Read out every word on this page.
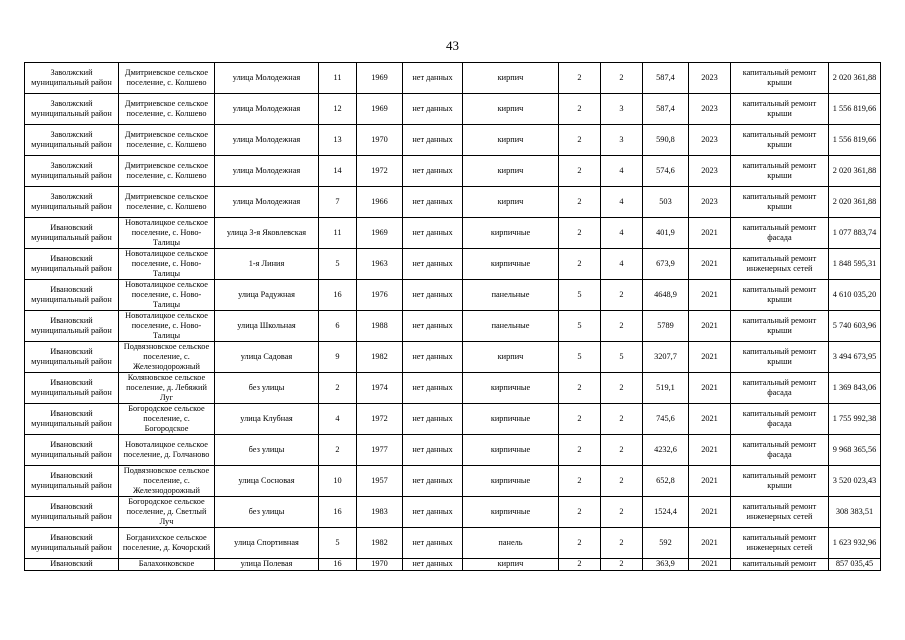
43
Заволжский муниципальный район	Дмитриевское сельское поселение, с. Колшево	улица Молодежная	11	1969	нет данных	кирпич	2	2	587,4	2023	капитальный ремонт крыши	2 020 361,88
Заволжский муниципальный район	Дмитриевское сельское поселение, с. Колшево	улица Молодежная	12	1969	нет данных	кирпич	2	3	587,4	2023	капитальный ремонт крыши	1 556 819,66
Заволжский муниципальный район	Дмитриевское сельское поселение, с. Колшево	улица Молодежная	13	1970	нет данных	кирпич	2	3	590,8	2023	капитальный ремонт крыши	1 556 819,66
Заволжский муниципальный район	Дмитриевское сельское поселение, с. Колшево	улица Молодежная	14	1972	нет данных	кирпич	2	4	574,6	2023	капитальный ремонт крыши	2 020 361,88
Заволжский муниципальный район	Дмитриевское сельское поселение, с. Колшево	улица Молодежная	7	1966	нет данных	кирпич	2	4	503	2023	капитальный ремонт крыши	2 020 361,88
Ивановский муниципальный район	Новоталицкое сельское поселение, с. Ново-Талицы	улица 3-я Яковлевская	11	1969	нет данных	кирпичные	2	4	401,9	2021	капитальный ремонт фасада	1 077 883,74
Ивановский муниципальный район	Новоталицкое сельское поселение, с. Ново-Талицы	1-я Линия	5	1963	нет данных	кирпичные	2	4	673,9	2021	капитальный ремонт инженерных сетей	1 848 595,31
Ивановский муниципальный район	Новоталицкое сельское поселение, с. Ново-Талицы	улица Радужная	16	1976	нет данных	панельные	5	2	4648,9	2021	капитальный ремонт крыши	4 610 035,20
Ивановский муниципальный район	Новоталицкое сельское поселение, с. Ново-Талицы	улица Школьная	6	1988	нет данных	панельные	5	2	5789	2021	капитальный ремонт крыши	5 740 603,96
Ивановский муниципальный район	Подвязновское сельское поселение, с. Железнодорожный	улица Садовая	9	1982	нет данных	кирпич	5	5	3207,7	2021	капитальный ремонт крыши	3 494 673,95
Ивановский муниципальный район	Коляновское сельское поселение, д. Лебяжий Луг	без улицы	2	1974	нет данных	кирпичные	2	2	519,1	2021	капитальный ремонт фасада	1 369 843,06
Ивановский муниципальный район	Богородское сельское поселение, с. Богородское	улица Клубная	4	1972	нет данных	кирпичные	2	2	745,6	2021	капитальный ремонт фасада	1 755 992,38
Ивановский муниципальный район	Новоталицкое сельское поселение, д. Голчаново	без улицы	2	1977	нет данных	кирпичные	2	2	4232,6	2021	капитальный ремонт фасада	9 968 365,56
Ивановский муниципальный район	Подвязновское сельское поселение, с. Железнодорожный	улица Сосновая	10	1957	нет данных	кирпичные	2	2	652,8	2021	капитальный ремонт крыши	3 520 023,43
Ивановский муниципальный район	Богородское сельское поселение, д. Светлый Луч	без улицы	16	1983	нет данных	кирпичные	2	2	1524,4	2021	капитальный ремонт инженерных сетей	308 383,51
Ивановский муниципальный район	Богданихское сельское поселение, д. Кочорский	улица Спортивная	5	1982	нет данных	панель	2	2	592	2021	капитальный ремонт инженерных сетей	1 623 932,96
Ивановский	Балахонковское	улица Полевая	16	1970	нет данных	кирпич	2	2	363,9	2021	капитальный ремонт	857 035,45
